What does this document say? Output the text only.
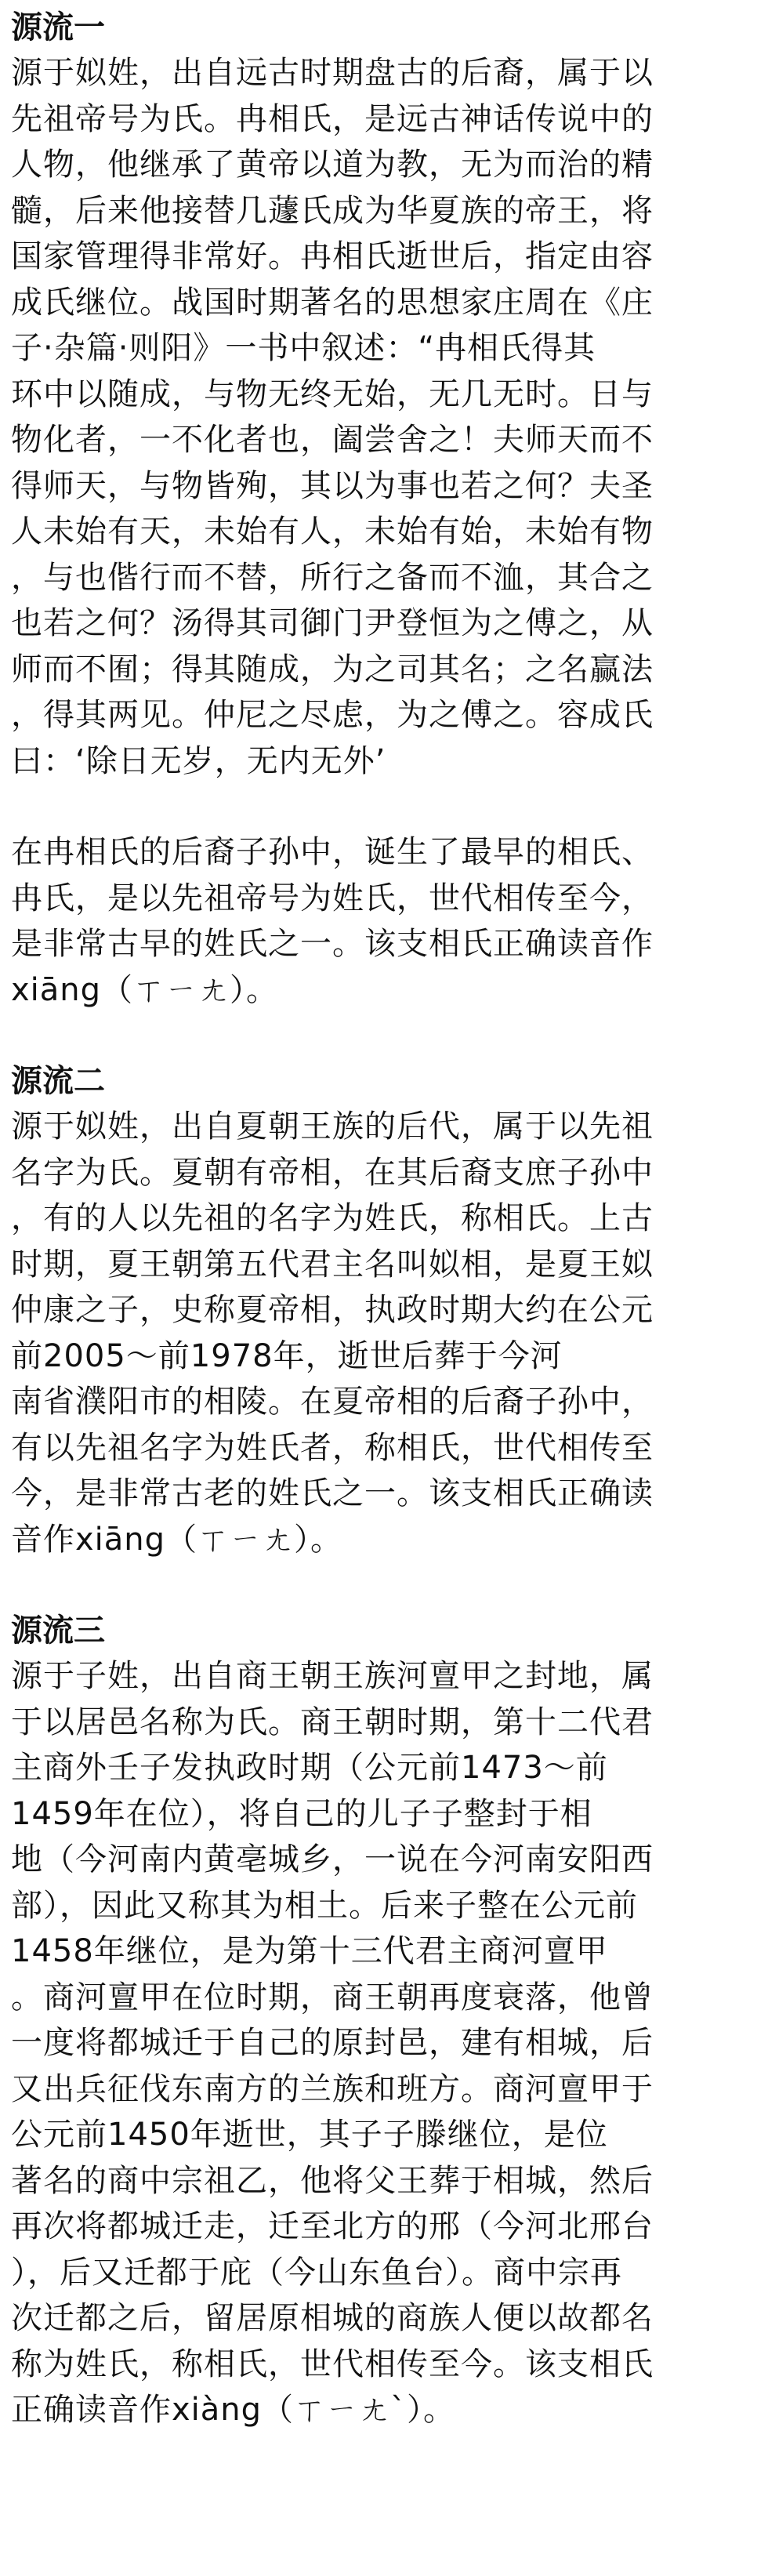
源流一
源于姒姓，出自远古时期盘古的后裔，属于以
先祖帝号为氏。冉相氏，是远古神话传说中的
人物，他继承了黄帝以道为教，无为而治的精
髓，后来他接替几蘧氏成为华夏族的帝王，将
国家管理得非常好。冉相氏逝世后，指定由容
成氏继位。战国时期著名的思想家庄周在《庄
子·杂篇·则阳》一书中叙述：“冉相氏得其
环中以随成，与物无终无始，无几无时。日与
物化者，一不化者也，阖尝舍之！夫师天而不
得师天，与物皆殉，其以为事也若之何？夫圣
人未始有天，未始有人，未始有始，未始有物
，与也偕行而不替，所行之备而不洫，其合之
也若之何？汤得其司御门尹登恒为之傅之，从
师而不囿；得其随成，为之司其名；之名赢法
，得其两见。仲尼之尽虑，为之傅之。容成氏
曰：‘除日无岁，无内无外’
在冉相氏的后裔子孙中，诞生了最早的相氏、
冉氏，是以先祖帝号为姓氏，世代相传至今，
是非常古早的姓氏之一。该支相氏正确读音作
xiāng（ㄒㄧㄤ）。
源流二
源于姒姓，出自夏朝王族的后代，属于以先祖
名字为氏。夏朝有帝相，在其后裔支庶子孙中
，有的人以先祖的名字为姓氏，称相氏。上古
时期，夏王朝第五代君主名叫姒相，是夏王姒
仲康之子，史称夏帝相，执政时期大约在公元
前2005～前1978年，逝世后葬于今河
南省濮阳市的相陵。在夏帝相的后裔子孙中，
有以先祖名字为姓氏者，称相氏，世代相传至
今，是非常古老的姓氏之一。该支相氏正确读
音作xiāng（ㄒㄧㄤ）。
源流三
源于子姓，出自商王朝王族河亶甲之封地，属
于以居邑名称为氏。商王朝时期，第十二代君
主商外壬子发执政时期（公元前1473～前
1459年在位），将自己的儿子子整封于相
地（今河南内黄亳城乡，一说在今河南安阳西
部），因此又称其为相土。后来子整在公元前
1458年继位，是为第十三代君主商河亶甲
。商河亶甲在位时期，商王朝再度衰落，他曾
一度将都城迁于自己的原封邑，建有相城，后
又出兵征伐东南方的兰族和班方。商河亶甲于
公元前1450年逝世，其子子滕继位，是位
著名的商中宗祖乙，他将父王葬于相城，然后
再次将都城迁走，迁至北方的邢（今河北邢台
），后又迁都于庇（今山东鱼台）。商中宗再
次迁都之后，留居原相城的商族人便以故都名
称为姓氏，称相氏，世代相传至今。该支相氏
正确读音作xiàng（ㄒㄧㄤˋ）。
